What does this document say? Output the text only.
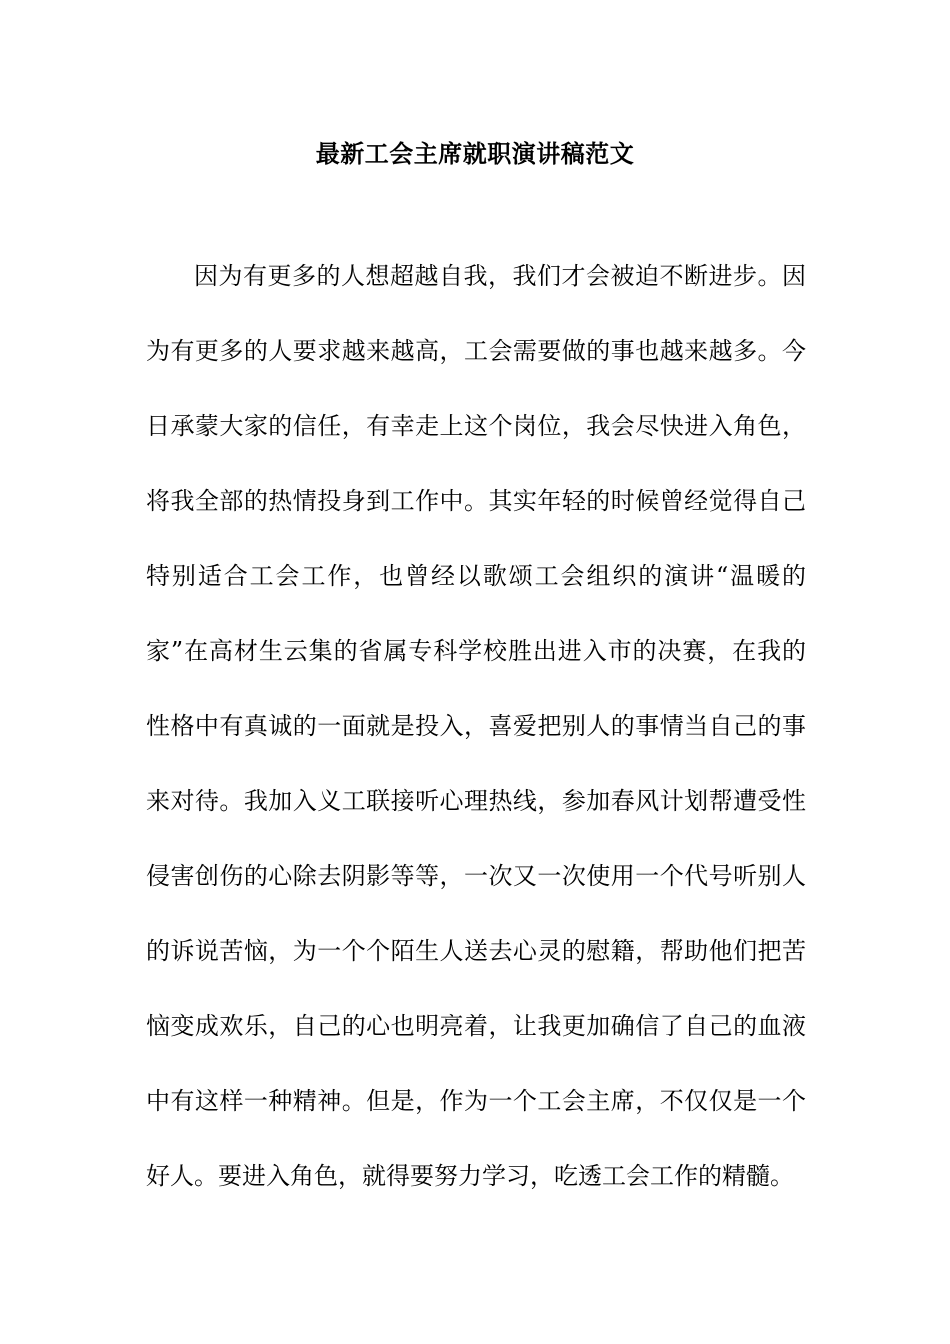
最新工会主席就职演讲稿范文
因为有更多的人想超越自我，我们才会被迫不断进步。因
为有更多的人要求越来越高，工会需要做的事也越来越多。今
日承蒙大家的信任，有幸走上这个岗位，我会尽快进入角色，
将我全部的热情投身到工作中。其实年轻的时候曾经觉得自己
特别适合工会工作，也曾经以歌颂工会组织的演讲“温暖的
家”在高材生云集的省属专科学校胜出进入市的决赛，在我的
性格中有真诚的一面就是投入，喜爱把别人的事情当自己的事
来对待。我加入义工联接听心理热线，参加春风计划帮遭受性
侵害创伤的心除去阴影等等，一次又一次使用一个代号听别人
的诉说苦恼，为一个个陌生人送去心灵的慰籍，帮助他们把苦
恼变成欢乐，自己的心也明亮着，让我更加确信了自己的血液
中有这样一种精神。但是，作为一个工会主席，不仅仅是一个
好人。要进入角色，就得要努力学习，吃透工会工作的精髓。
